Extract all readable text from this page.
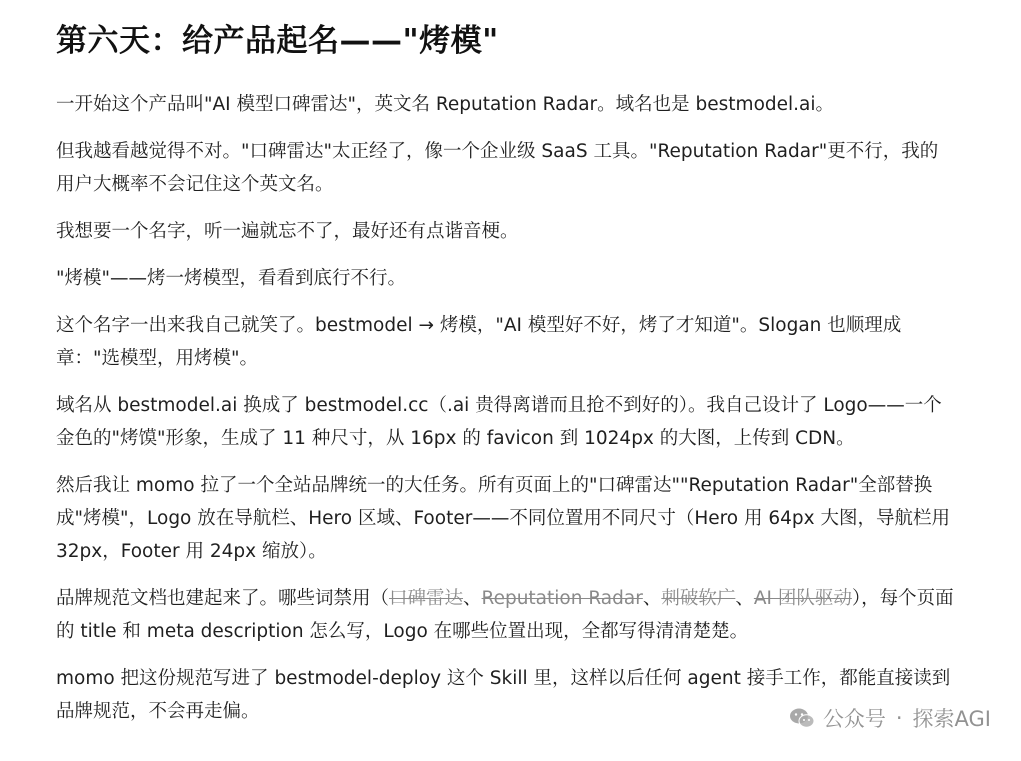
第六天：给产品起名——"烤模"

一开始这个产品叫"AI 模型口碑雷达"，英文名 Reputation Radar。域名也是 bestmodel.ai。

但我越看越觉得不对。"口碑雷达"太正经了，像一个企业级 SaaS 工具。"Reputation Radar"更不行，我的用户大概率不会记住这个英文名。

我想要一个名字，听一遍就忘不了，最好还有点谐音梗。

"烤模"——烤一烤模型，看看到底行不行。

这个名字一出来我自己就笑了。bestmodel → 烤模，"AI 模型好不好，烤了才知道"。Slogan 也顺理成章："选模型，用烤模"。

域名从 bestmodel.ai 换成了 bestmodel.cc（.ai 贵得离谱而且抢不到好的）。我自己设计了 Logo——一个金色的"烤馍"形象，生成了 11 种尺寸，从 16px 的 favicon 到 1024px 的大图，上传到 CDN。

然后我让 momo 拉了一个全站品牌统一的大任务。所有页面上的"口碑雷达""Reputation Radar"全部替换成"烤模"，Logo 放在导航栏、Hero 区域、Footer——不同位置用不同尺寸（Hero 用 64px 大图，导航栏用 32px，Footer 用 24px 缩放）。

品牌规范文档也建起来了。哪些词禁用（口碑雷达、Reputation Radar、刺破软广、AI 团队驱动），每个页面的 title 和 meta description 怎么写，Logo 在哪些位置出现，全都写得清清楚楚。

momo 把这份规范写进了 bestmodel-deploy 这个 Skill 里，这样以后任何 agent 接手工作，都能直接读到品牌规范，不会再走偏。	公众号 · 探索AGI
